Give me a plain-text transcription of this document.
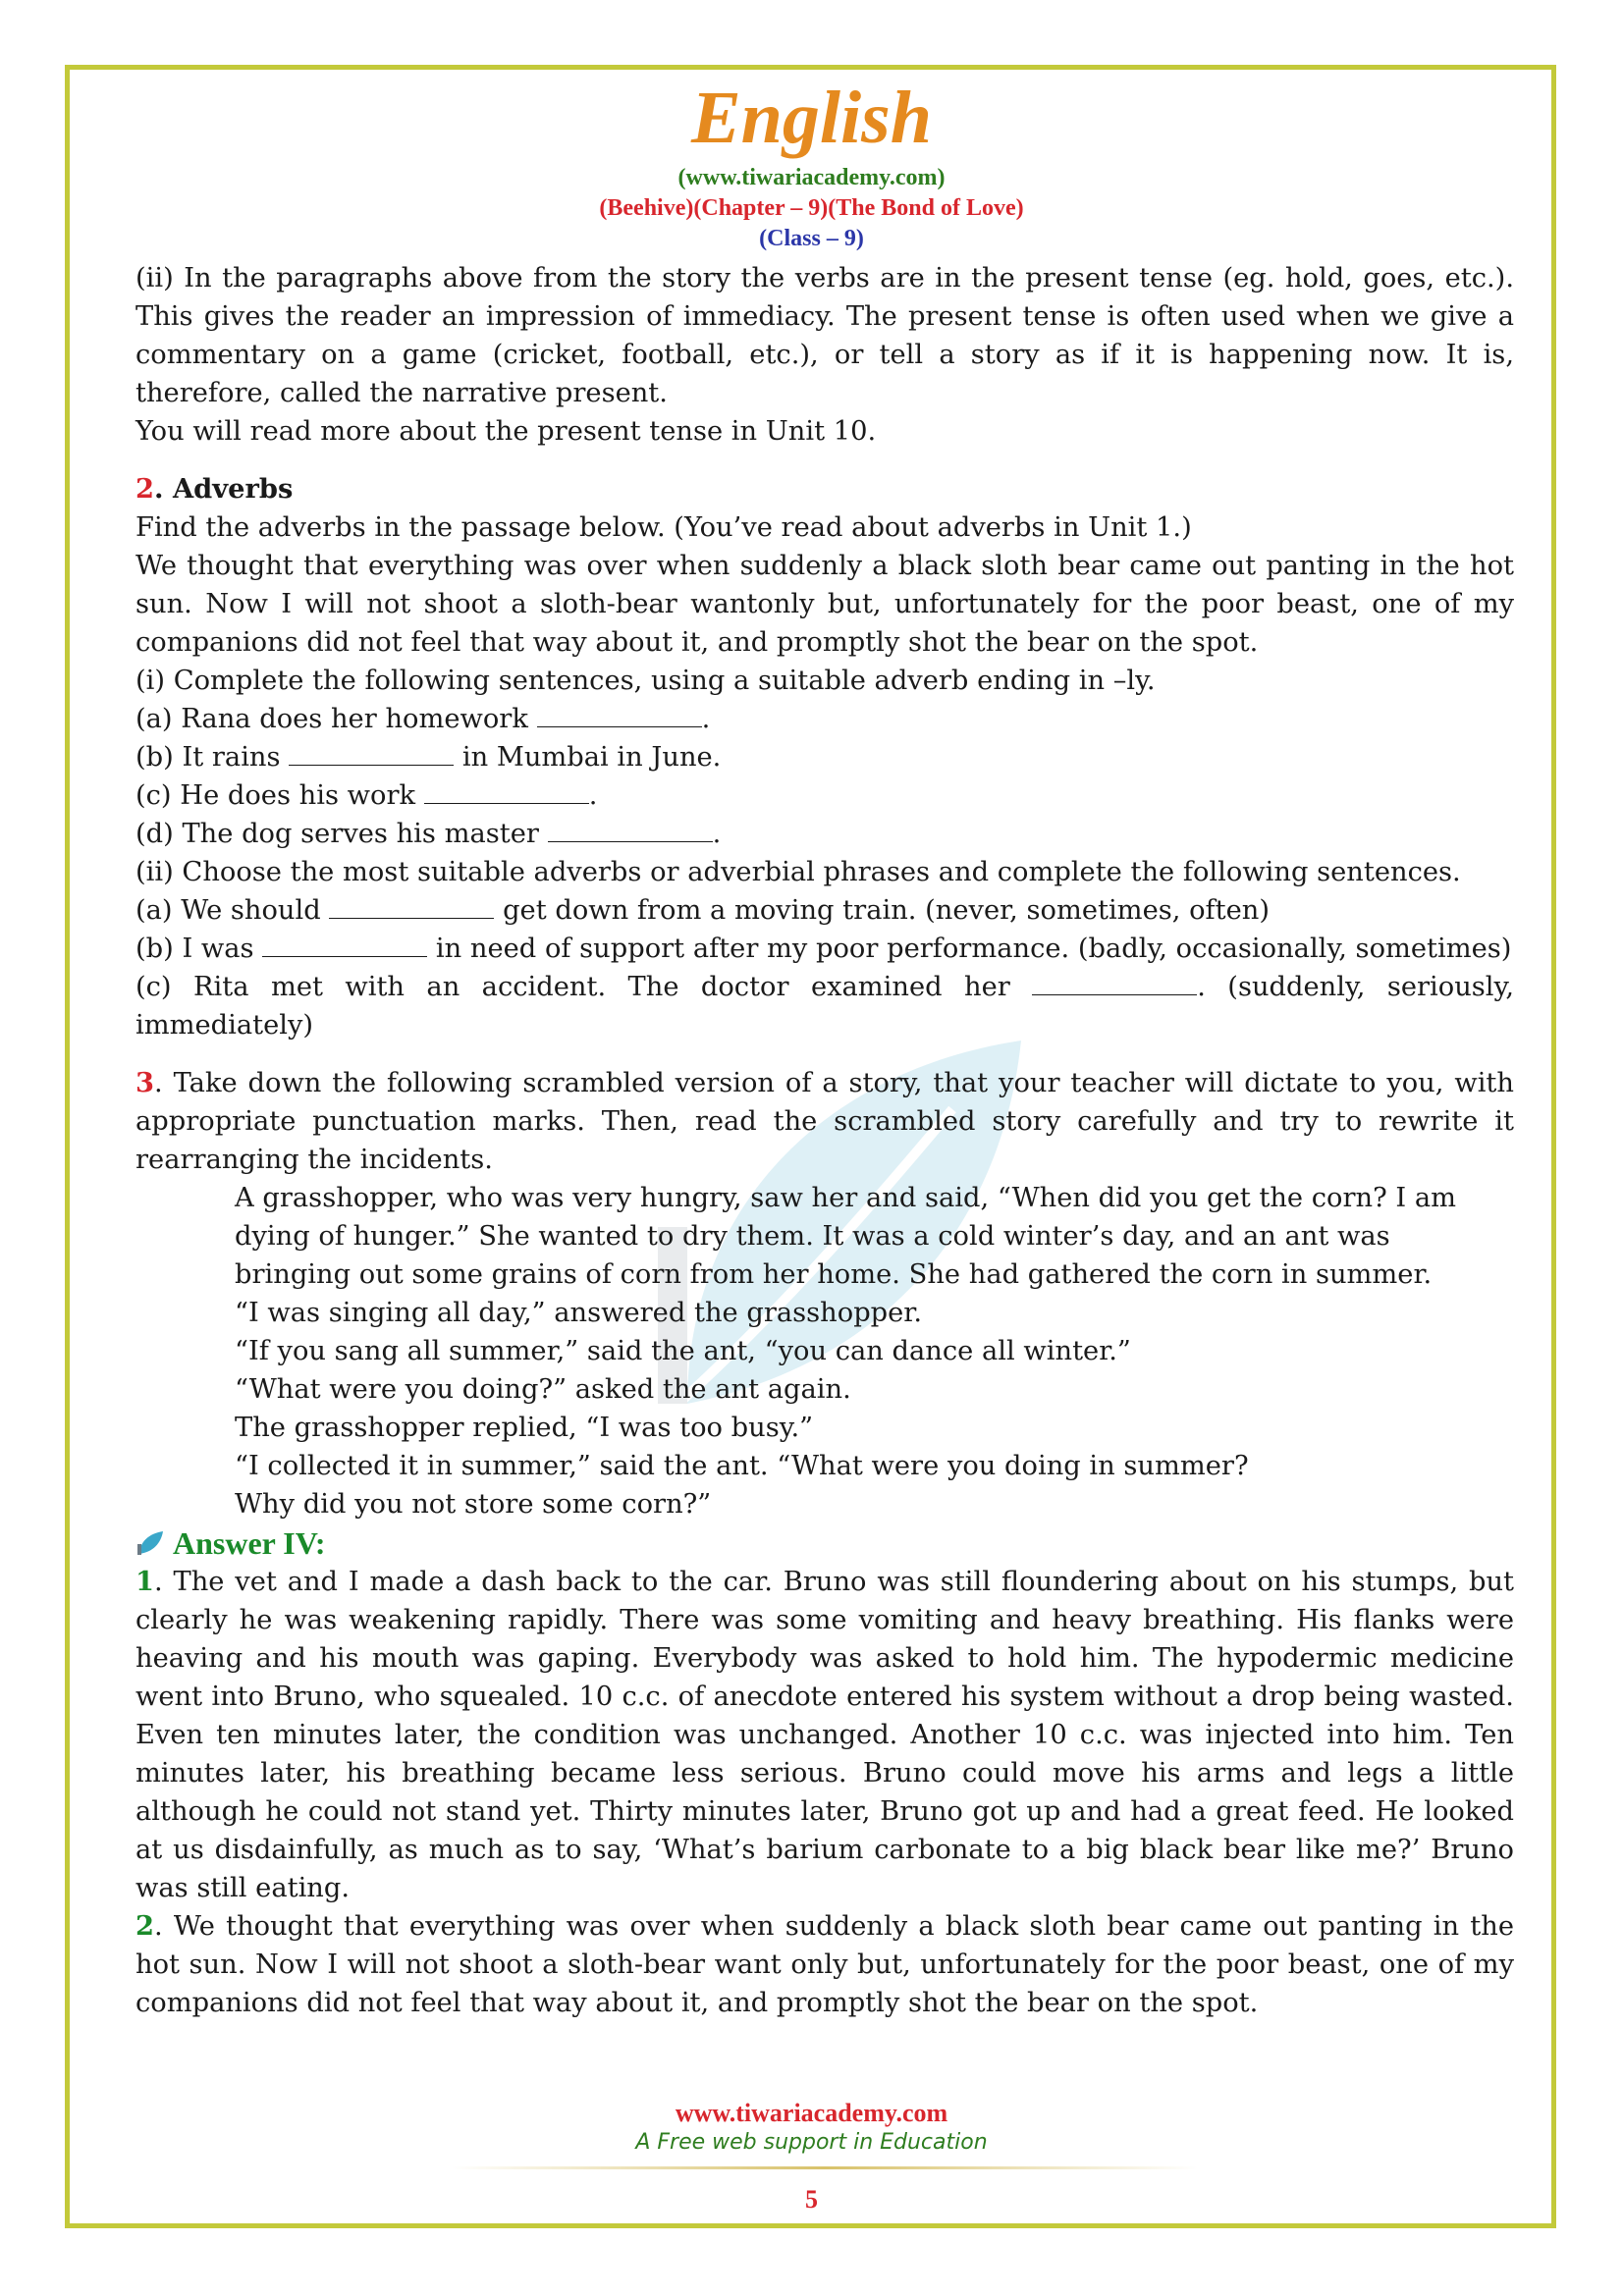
English
(www.tiwariacademy.com)
(Beehive)(Chapter – 9)(The Bond of Love)
(Class – 9)

(ii) In the paragraphs above from the story the verbs are in the present tense (eg. hold, goes, etc.). This gives the reader an impression of immediacy. The present tense is often used when we give a commentary on a game (cricket, football, etc.), or tell a story as if it is happening now. It is, therefore, called the narrative present.

You will read more about the present tense in Unit 10.

2. Adverbs

Find the adverbs in the passage below. (You’ve read about adverbs in Unit 1.)

We thought that everything was over when suddenly a black sloth bear came out panting in the hot sun. Now I will not shoot a sloth-bear wantonly but, unfortunately for the poor beast, one of my companions did not feel that way about it, and promptly shot the bear on the spot.

(i) Complete the following sentences, using a suitable adverb ending in –ly.

(a) Rana does her homework	.

(b) It rains	in Mumbai in June.

(c) He does his work	.

(d) The dog serves his master	.

(ii) Choose the most suitable adverbs or adverbial phrases and complete the following sentences.

(a) We should	get down from a moving train. (never, sometimes, often)

(b) I was	in need of support after my poor performance. (badly, occasionally, sometimes)

(c) Rita met with an accident. The doctor examined her	. (suddenly, seriously, immediately)

3. Take down the following scrambled version of a story, that your teacher will dictate to you, with appropriate punctuation marks. Then, read the scrambled story carefully and try to rewrite it rearranging the incidents.

A grasshopper, who was very hungry, saw her and said, “When did you get the corn? I am dying of hunger.” She wanted to dry them. It was a cold winter’s day, and an ant was bringing out some grains of corn from her home. She had gathered the corn in summer.

“I was singing all day,” answered the grasshopper.

“If you sang all summer,” said the ant, “you can dance all winter.”

“What were you doing?” asked the ant again.

The grasshopper replied, “I was too busy.”

“I collected it in summer,” said the ant. “What were you doing in summer?

Why did you not store some corn?”

Answer IV:

1. The vet and I made a dash back to the car. Bruno was still floundering about on his stumps, but clearly he was weakening rapidly. There was some vomiting and heavy breathing. His flanks were heaving and his mouth was gaping. Everybody was asked to hold him. The hypodermic medicine went into Bruno, who squealed. 10 c.c. of anecdote entered his system without a drop being wasted. Even ten minutes later, the condition was unchanged. Another 10 c.c. was injected into him. Ten minutes later, his breathing became less serious. Bruno could move his arms and legs a little although he could not stand yet. Thirty minutes later, Bruno got up and had a great feed. He looked at us disdainfully, as much as to say, ‘What’s barium carbonate to a big black bear like me?’ Bruno was still eating.

2. We thought that everything was over when suddenly a black sloth bear came out panting in the hot sun. Now I will not shoot a sloth-bear want only but, unfortunately for the poor beast, one of my companions did not feel that way about it, and promptly shot the bear on the spot.

www.tiwariacademy.com
A Free web support in Education
5
